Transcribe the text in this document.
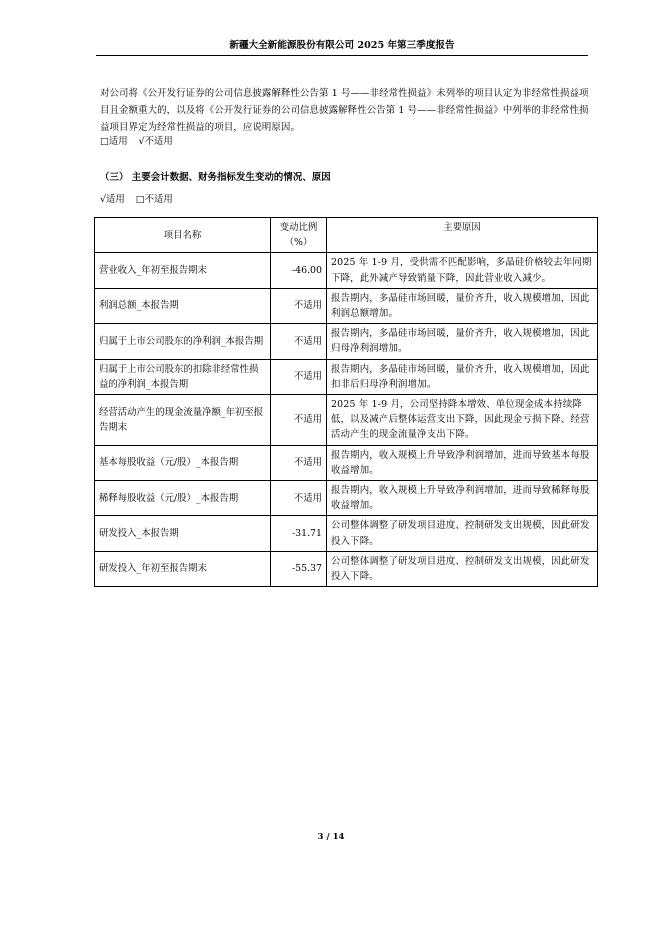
新疆大全新能源股份有限公司 2025 年第三季度报告
对公司将《公开发行证券的公司信息披露解释性公告第 1 号——非经常性损益》未列举的项目认定为非经常性损益项目且金额重大的，以及将《公开发行证券的公司信息披露解释性公告第 1 号——非经常性损益》中列举的非经常性损益项目界定为经常性损益的项目，应说明原因。
□适用 √不适用
（三） 主要会计数据、财务指标发生变动的情况、原因
√适用 □不适用
项目名称	变动比例（%）	主要原因
营业收入_年初至报告期末	-46.00	2025 年 1-9 月，受供需不匹配影响，多晶硅价格较去年同期下降，此外减产导致销量下降，因此营业收入减少。
利润总额_本报告期	不适用	报告期内，多晶硅市场回暖，量价齐升，收入规模增加，因此利润总额增加。
归属于上市公司股东的净利润_本报告期	不适用	报告期内，多晶硅市场回暖，量价齐升，收入规模增加，因此归母净利润增加。
归属于上市公司股东的扣除非经常性损益的净利润_本报告期	不适用	报告期内，多晶硅市场回暖，量价齐升，收入规模增加，因此扣非后归母净利润增加。
经营活动产生的现金流量净额_年初至报告期末	不适用	2025 年 1-9 月，公司坚持降本增效、单位现金成本持续降低，以及减产后整体运营支出下降，因此现金亏损下降、经营活动产生的现金流量净支出下降。
基本每股收益（元/股）_本报告期	不适用	报告期内，收入规模上升导致净利润增加，进而导致基本每股收益增加。
稀释每股收益（元/股）_本报告期	不适用	报告期内，收入规模上升导致净利润增加，进而导致稀释每股收益增加。
研发投入_本报告期	-31.71	公司整体调整了研发项目进度、控制研发支出规模，因此研发投入下降。
研发投入_年初至报告期末	-55.37	公司整体调整了研发项目进度、控制研发支出规模，因此研发投入下降。
3 / 14
